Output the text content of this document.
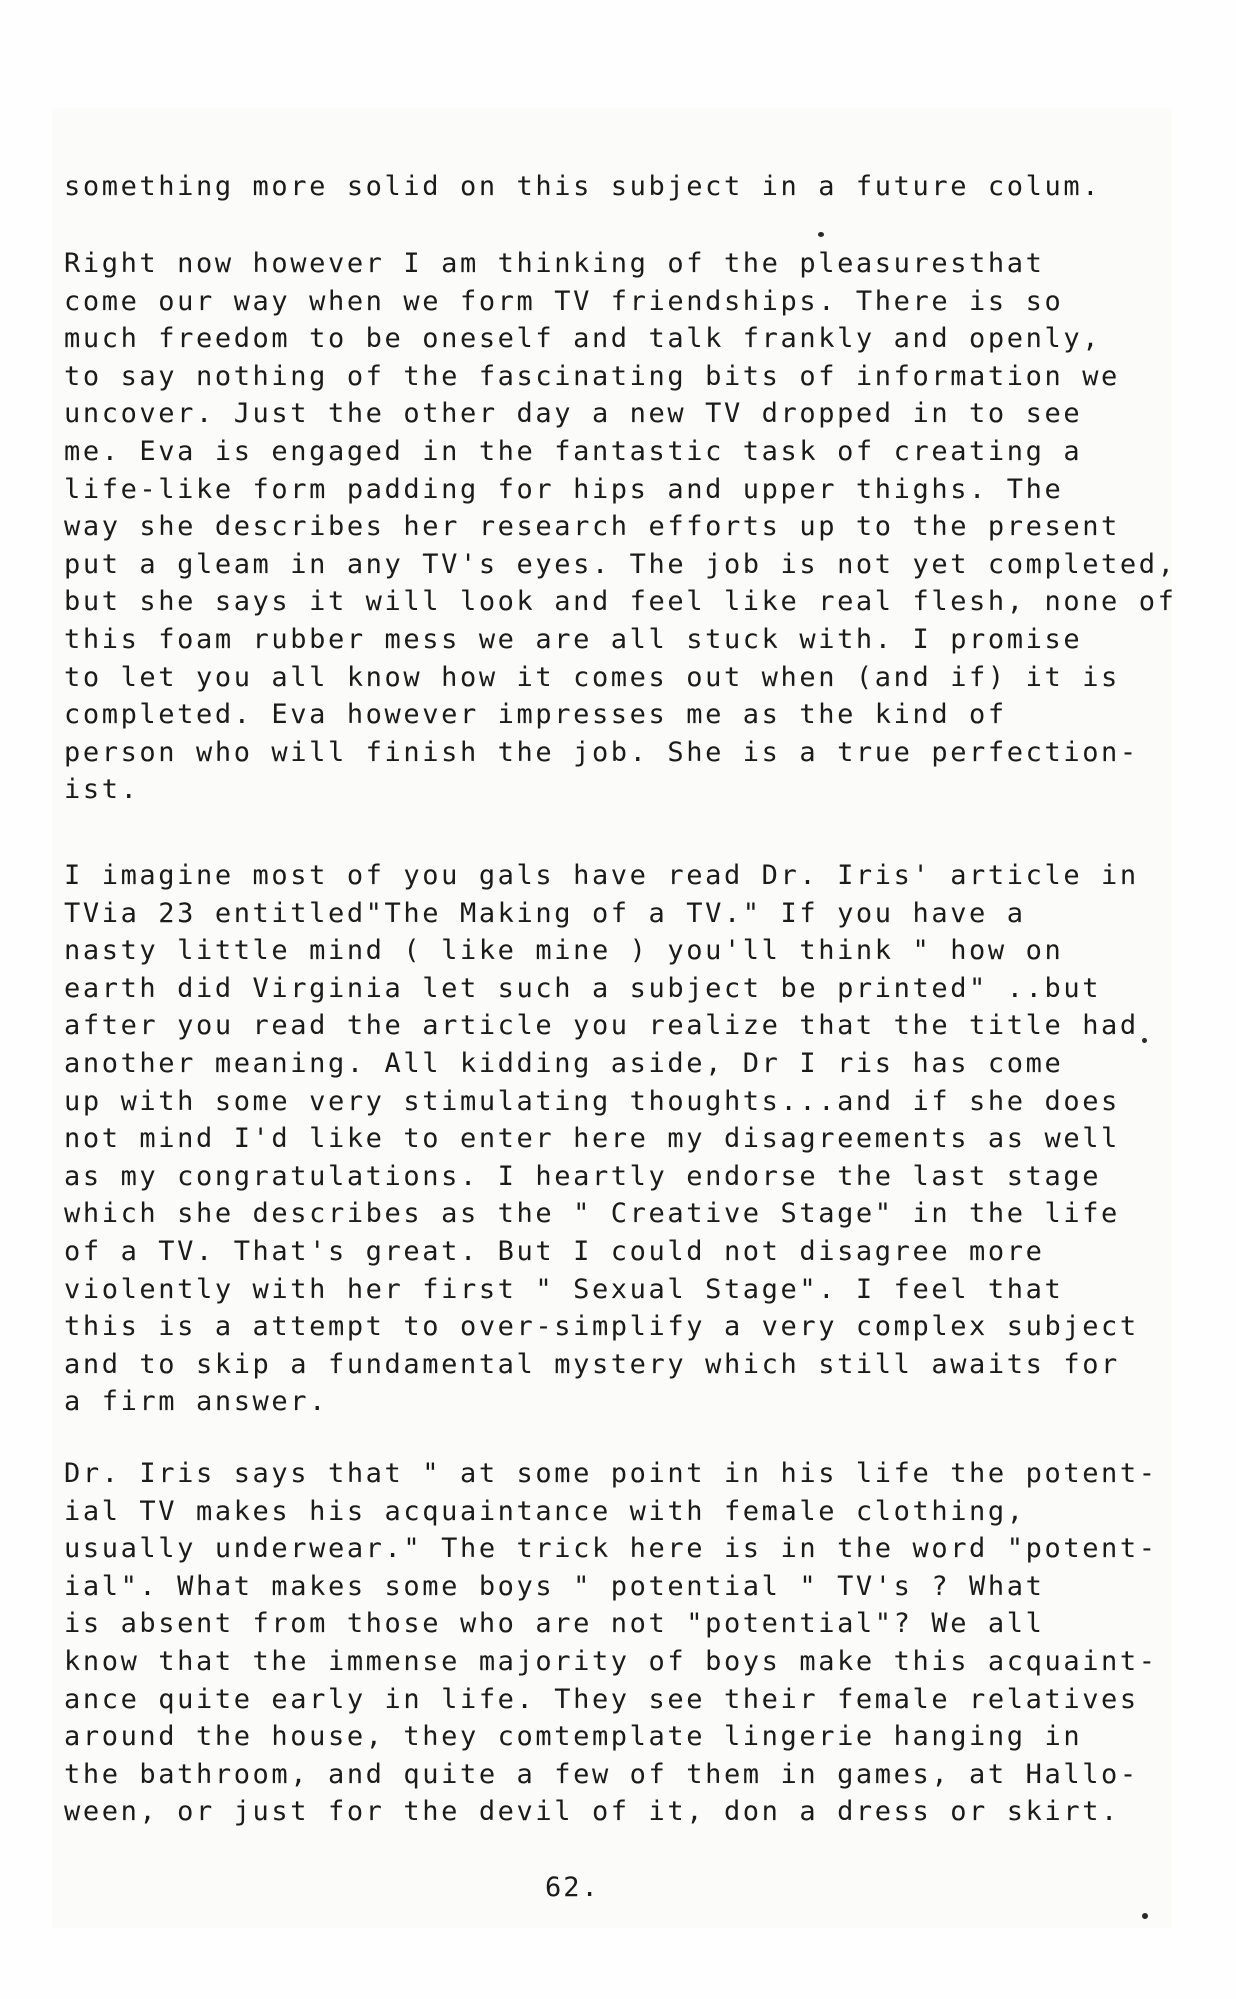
something more solid on this subject in a future colum.
Right now however I am thinking of the pleasuresthat
come our way when we form TV friendships. There is so
much freedom to be oneself and talk frankly and openly,
to say nothing of the fascinating bits of information we
uncover. Just the other day a new TV dropped in to see
me. Eva is engaged in the fantastic task of creating a
life-like form padding for hips and upper thighs. The
way she describes her research efforts up to the present
put a gleam in any TV's eyes. The job is not yet completed,
but she says it will look and feel like real flesh, none of
this foam rubber mess we are all stuck with. I promise
to let you all know how it comes out when (and if) it is
completed. Eva however impresses me as the kind of
person who will finish the job. She is a true perfection-
ist.
I imagine most of you gals have read Dr. Iris' article in
TVia 23 entitled"The Making of a TV." If you have a
nasty little mind ( like mine ) you'll think " how on
earth did Virginia let such a subject be printed" ..but
after you read the article you realize that the title had
another meaning. All kidding aside, Dr I ris has come
up with some very stimulating thoughts...and if she does
not mind I'd like to enter here my disagreements as well
as my congratulations. I heartly endorse the last stage
which she describes as the " Creative Stage" in the life
of a TV. That's great. But I could not disagree more
violently with her first " Sexual Stage". I feel that
this is a attempt to over-simplify a very complex subject
and to skip a fundamental mystery which still awaits for
a firm answer.
Dr. Iris says that " at some point in his life the potent-
ial TV makes his acquaintance with female clothing,
usually underwear." The trick here is in the word "potent-
ial". What makes some boys " potential " TV's ? What
is absent from those who are not "potential"? We all
know that the immense majority of boys make this acquaint-
ance quite early in life. They see their female relatives
around the house, they comtemplate lingerie hanging in
the bathroom, and quite a few of them in games, at Hallo-
ween, or just for the devil of it, don a dress or skirt.
62.
